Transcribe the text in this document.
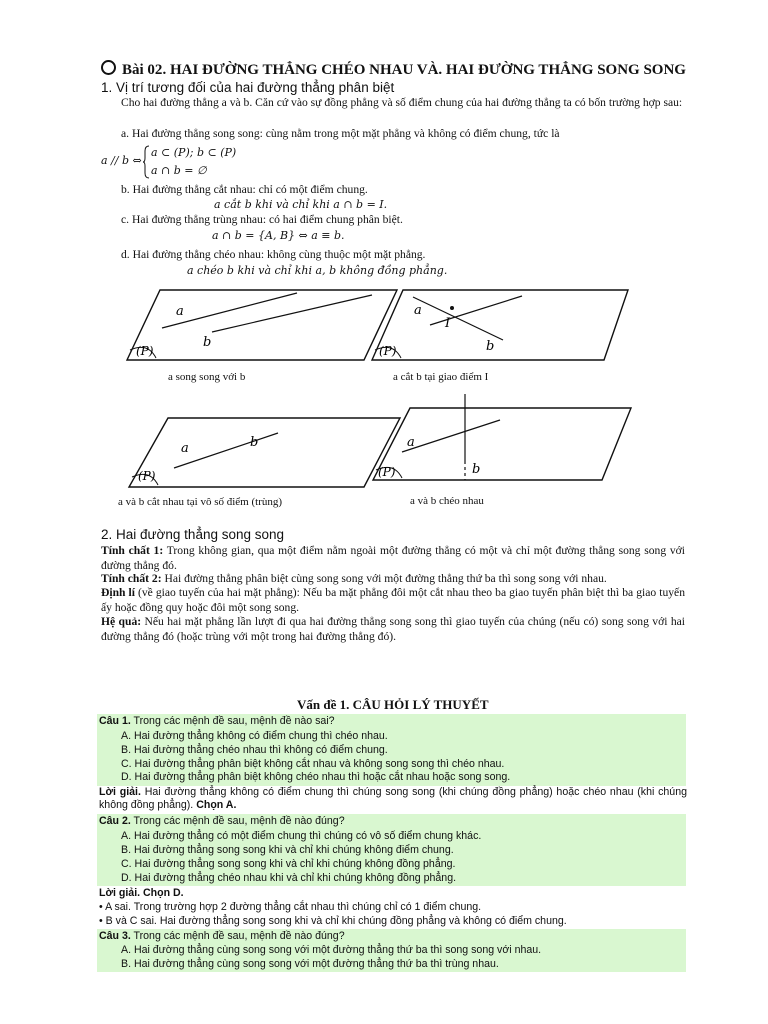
Bài 02. HAI ĐƯỜNG THẲNG CHÉO NHAU VÀ. HAI ĐƯỜNG THẲNG SONG SONG
1. Vị trí tương đối của hai đường thẳng phân biệt
Cho hai đường thẳng a và b. Căn cứ vào sự đồng phẳng và số điểm chung của hai đường thẳng ta có bốn trường hợp sau:
a. Hai đường thẳng song song: cùng nằm trong một mặt phẳng và không có điểm chung, tức là
a // b ⇔
a ⊂ (P); b ⊂ (P)
a ∩ b = ∅
b. Hai đường thẳng cắt nhau: chỉ có một điểm chung.
a cắt b khi và chỉ khi a ∩ b = I.
c. Hai đường thẳng trùng nhau: có hai điểm chung phân biệt.
a ∩ b = {A, B} ⇔ a ≡ b.
d. Hai đường thẳng chéo nhau: không cùng thuộc một mặt phẳng.
a chéo b khi và chỉ khi a, b không đồng phẳng.
a
b
(P)
a
I
b
(P)
a	b
(P)
a
b
(P)
a song song với b	a cắt b tại giao điểm I
a và b cắt nhau tại vô số điểm (trùng)	a và b chéo nhau
2. Hai đường thẳng song song
Tính chất 1: Trong không gian, qua một điểm nằm ngoài một đường thẳng có một và chỉ một đường thẳng song song với đường thẳng đó.
Tính chất 2: Hai đường thẳng phân biệt cùng song song với một đường thẳng thứ ba thì song song với nhau.
Định lí (về giao tuyến của hai mặt phẳng): Nếu ba mặt phẳng đôi một cắt nhau theo ba giao tuyến phân biệt thì ba giao tuyến ấy hoặc đồng quy hoặc đôi một song song.
Hệ quả: Nếu hai mặt phẳng lần lượt đi qua hai đường thẳng song song thì giao tuyến của chúng (nếu có) song song với hai đường thẳng đó (hoặc trùng với một trong hai đường thẳng đó).
Vấn đề 1. CÂU HỎI LÝ THUYẾT
Câu 1. Trong các mệnh đề sau, mệnh đề nào sai?
A. Hai đường thẳng không có điểm chung thì chéo nhau.
B. Hai đường thẳng chéo nhau thì không có điểm chung.
C. Hai đường thẳng phân biệt không cắt nhau và không song song thì chéo nhau.
D. Hai đường thẳng phân biệt không chéo nhau thì hoặc cắt nhau hoặc song song.
Lời giải. Hai đường thẳng không có điểm chung thì chúng song song (khi chúng đồng phẳng) hoặc chéo nhau (khi chúng không đồng phẳng). Chọn A.
Câu 2. Trong các mệnh đề sau, mệnh đề nào đúng?
A. Hai đường thẳng có một điểm chung thì chúng có vô số điểm chung khác.
B. Hai đường thẳng song song khi và chỉ khi chúng không điểm chung.
C. Hai đường thẳng song song khi và chỉ khi chúng không đồng phẳng.
D. Hai đường thẳng chéo nhau khi và chỉ khi chúng không đồng phẳng.
Lời giải. Chọn D.
• A sai. Trong trường hợp 2 đường thẳng cắt nhau thì chúng chỉ có 1 điểm chung.
• B và C sai. Hai đường thẳng song song khi và chỉ khi chúng đồng phẳng và không có điểm chung.
Câu 3. Trong các mệnh đề sau, mệnh đề nào đúng?
A. Hai đường thẳng cùng song song với một đường thẳng thứ ba thì song song với nhau.
B. Hai đường thẳng cùng song song với một đường thẳng thứ ba thì trùng nhau.
